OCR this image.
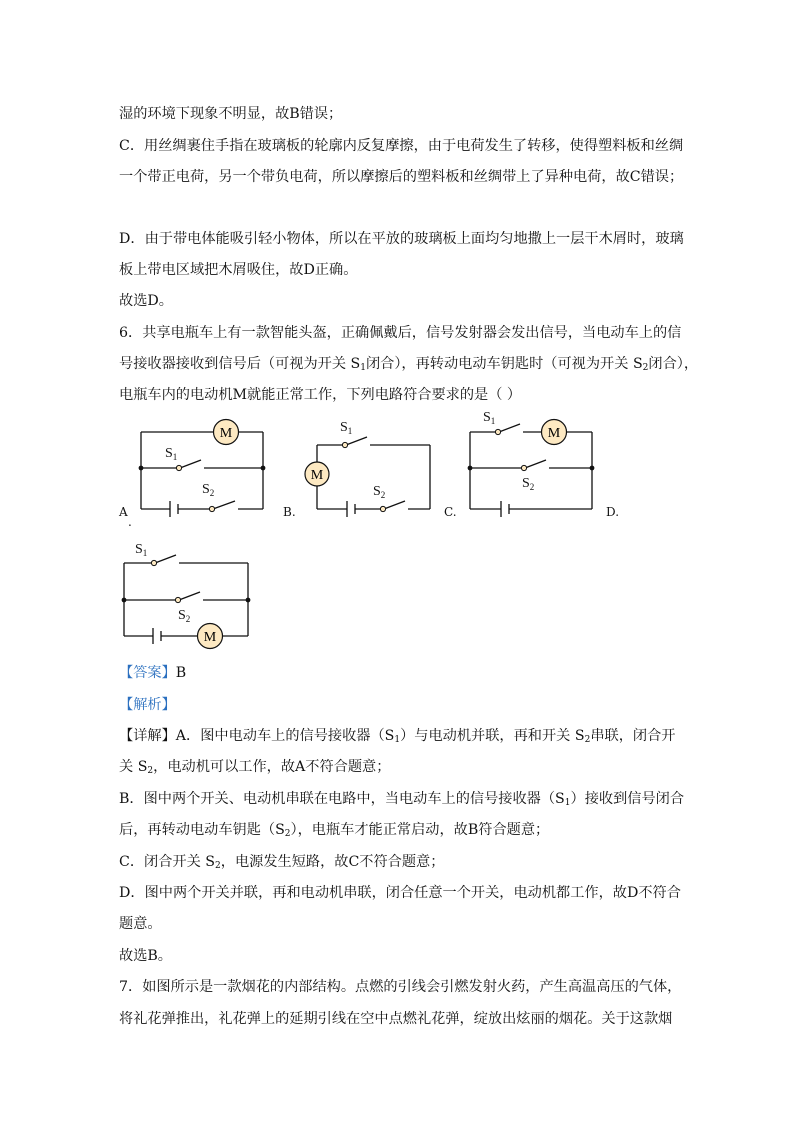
湿的环境下现象不明显，故B错误；
C．用丝绸裹住手指在玻璃板的轮廓内反复摩擦，由于电荷发生了转移，使得塑料板和丝绸
一个带正电荷，另一个带负电荷，所以摩擦后的塑料板和丝绸带上了异种电荷，故C错误；
D．由于带电体能吸引轻小物体，所以在平放的玻璃板上面均匀地撒上一层干木屑时，玻璃
板上带电区域把木屑吸住，故D正确。
故选D。
6．共享电瓶车上有一款智能头盔，正确佩戴后，信号发射器会发出信号，当电动车上的信
号接收器接收到信号后（可视为开关 $S_1$闭合），再转动电动车钥匙时（可视为开关 $S_2$闭合），
电瓶车内的电动机M就能正常工作，下列电路符合要求的是（ ）
M
M
M
M
$S_1$
$S_2$
$S_1$
$S_2$
$S_1$
$S_2$
$S_1$
$S_2$
A
.
B.	C.	D.
【答案】B
【解析】
【详解】A．图中电动车上的信号接收器$(S_1)$与电动机并联，再和开关 $S_2$串联，闭合开
关 $S_2$，电动机可以工作，故A不符合题意；
B．图中两个开关、电动机串联在电路中，当电动车上的信号接收器$(S_1)$接收到信号闭合
后，再转动电动车钥匙$(S_2)$，电瓶车才能正常启动，故B符合题意；
C．闭合开关 $S_2$，电源发生短路，故C不符合题意；
D．图中两个开关并联，再和电动机串联，闭合任意一个开关，电动机都工作，故D不符合
题意。
故选B。
7．如图所示是一款烟花的内部结构。点燃的引线会引燃发射火药，产生高温高压的气体，
将礼花弹推出，礼花弹上的延期引线在空中点燃礼花弹，绽放出炫丽的烟花。关于这款烟
